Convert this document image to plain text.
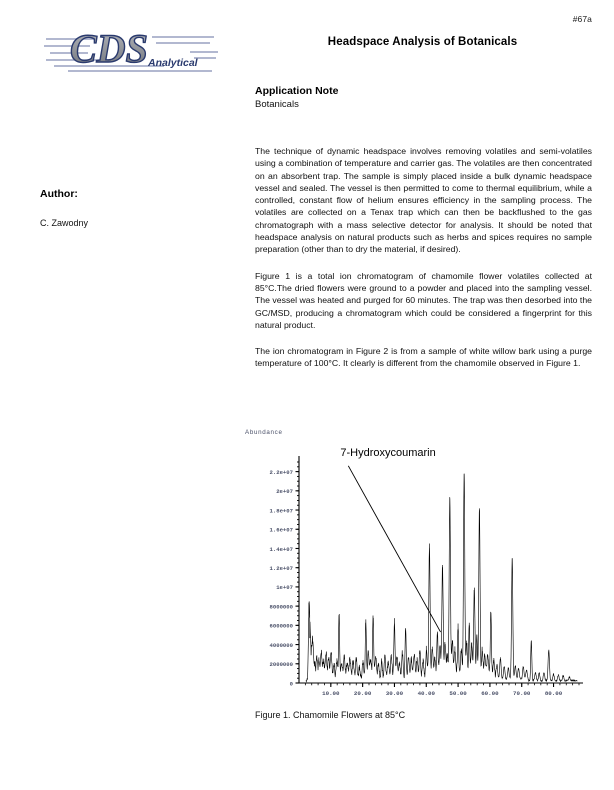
#67a
Headspace Analysis of Botanicals
CDS Analytical

Author:

C. Zawodny

Application Note

Botanicals

The technique of dynamic headspace involves removing volatiles and semi-volatiles using a combination of temperature and carrier gas. The volatiles are then concentrated on an absorbent trap. The sample is simply placed inside a bulk dynamic headspace vessel and sealed. The vessel is then permitted to come to thermal equilibrium, while a controlled, constant flow of helium ensures efficiency in the sampling process. The volatiles are collected on a Tenax trap which can then be backflushed to the gas chromatograph with a mass selective detector for analysis. It should be noted that headspace analysis on natural products such as herbs and spices requires no sample preparation (other than to dry the material, if desired).

Figure 1 is a total ion chromatogram of chamomile flower volatiles collected at 85°C.The dried flowers were ground to a powder and placed into the sampling vessel. The vessel was heated and purged for 60 minutes. The trap was then desorbed into the GC/MSD, producing a chromatogram which could be considered a fingerprint for this natural product.

The ion chromatogram in Figure 2 is from a sample of white willow bark using a purge temperature of 100°C. It clearly is different from the chamomile observed in Figure 1.

Abundance
0
2000000
4000000
6000000
8000000
1e+07
1.2e+07
1.4e+07
1.6e+07
1.8e+07
2e+07
2.2e+07
10.00 20.00 30.00 40.00 50.00 60.00 70.00 80.00
7-Hydroxycoumarin
Figure 1. Chamomile Flowers at 85°C
